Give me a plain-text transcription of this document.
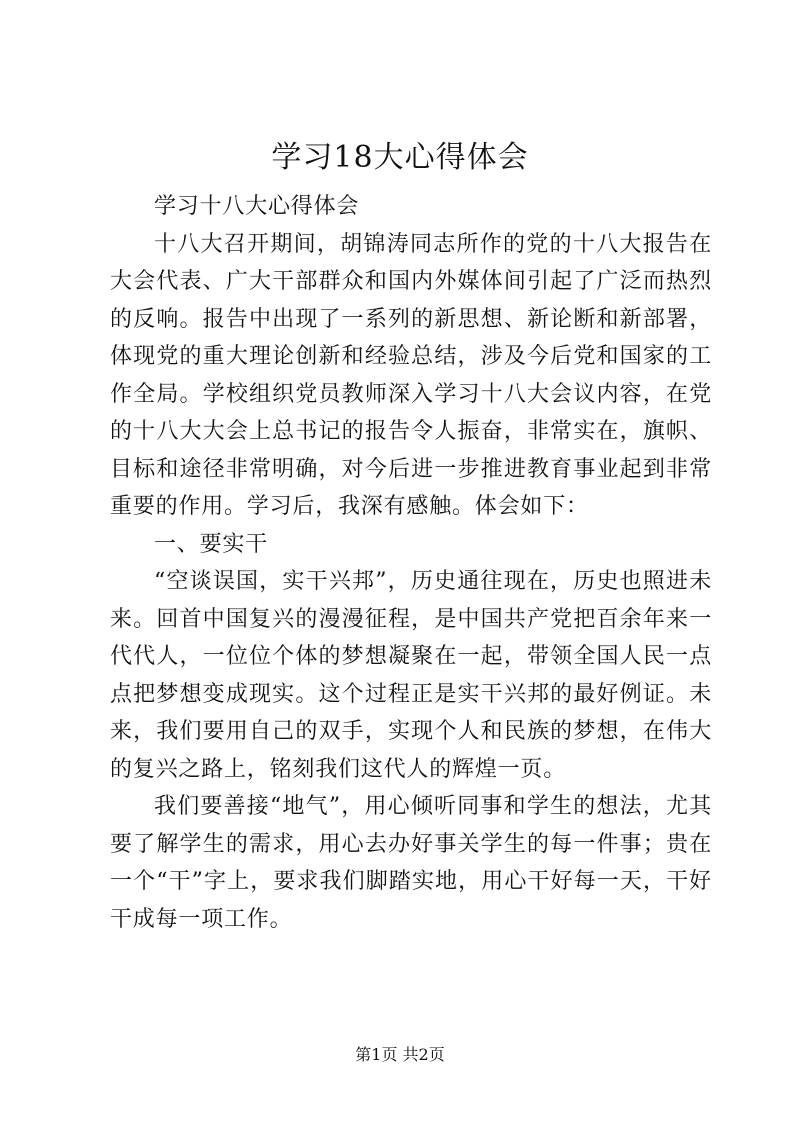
学习18大心得体会

学习十八大心得体会

十八大召开期间，胡锦涛同志所作的党的十八大报告在大会代表、广大干部群众和国内外媒体间引起了广泛而热烈的反响。报告中出现了一系列的新思想、新论断和新部署，体现党的重大理论创新和经验总结，涉及今后党和国家的工作全局。学校组织党员教师深入学习十八大会议内容，在党的十八大大会上总书记的报告令人振奋，非常实在，旗帜、目标和途径非常明确，对今后进一步推进教育事业起到非常重要的作用。学习后，我深有感触。体会如下：

一、要实干

“空谈误国，实干兴邦”，历史通往现在，历史也照进未来。回首中国复兴的漫漫征程，是中国共产党把百余年来一代代人，一位位个体的梦想凝聚在一起，带领全国人民一点点把梦想变成现实。这个过程正是实干兴邦的最好例证。未来，我们要用自己的双手，实现个人和民族的梦想，在伟大的复兴之路上，铭刻我们这代人的辉煌一页。

我们要善接“地气”，用心倾听同事和学生的想法，尤其要了解学生的需求，用心去办好事关学生的每一件事；贵在一个“干”字上，要求我们脚踏实地，用心干好每一天，干好干成每一项工作。

第1页 共2页
